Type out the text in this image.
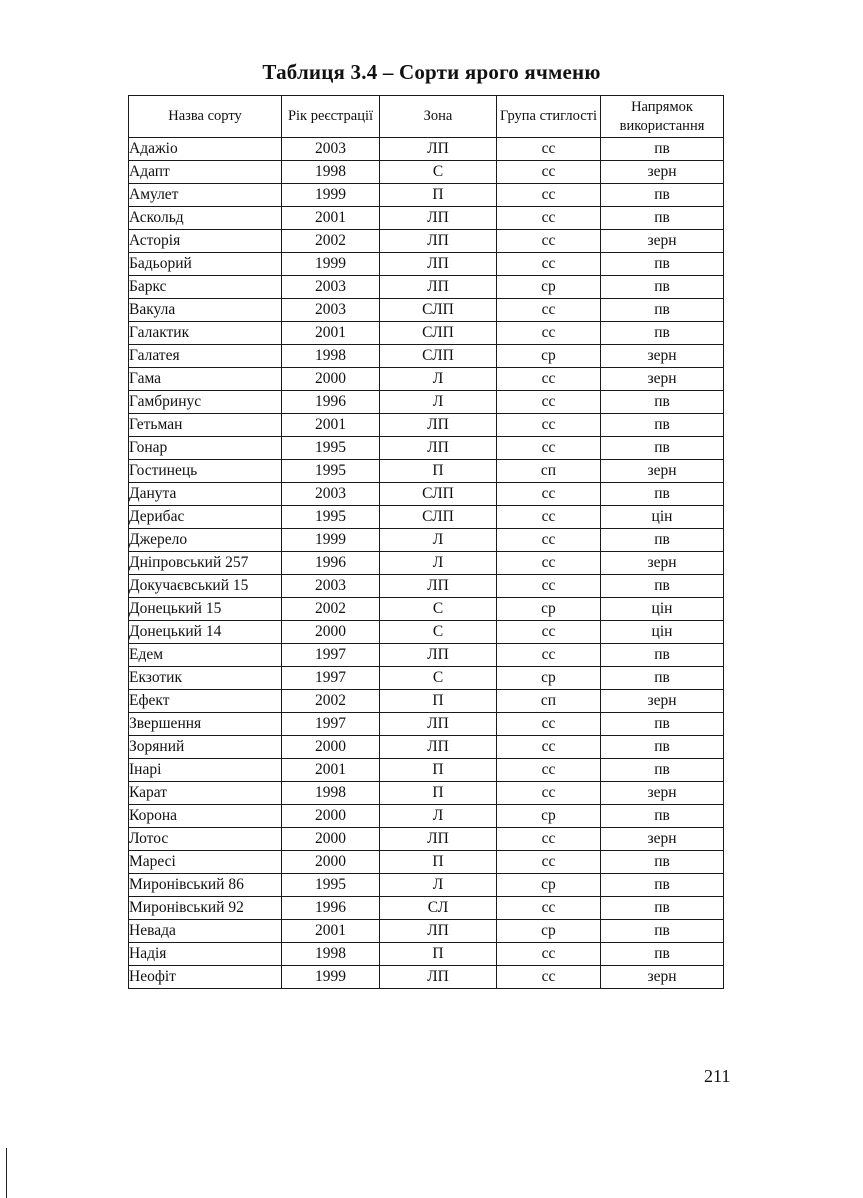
Таблиця 3.4 – Сорти ярого ячменю
Назва сорту	Рік реєстрації	Зона	Група стиглості	Напрямок використання
Адажіо	2003	ЛП	сс	пв
Адапт	1998	С	сс	зерн
Амулет	1999	П	сс	пв
Аскольд	2001	ЛП	сс	пв
Асторія	2002	ЛП	сс	зерн
Бадьорий	1999	ЛП	сс	пв
Баркс	2003	ЛП	ср	пв
Вакула	2003	СЛП	сс	пв
Галактик	2001	СЛП	сс	пв
Галатея	1998	СЛП	ср	зерн
Гама	2000	Л	сс	зерн
Гамбринус	1996	Л	сс	пв
Гетьман	2001	ЛП	сс	пв
Гонар	1995	ЛП	сс	пв
Гостинець	1995	П	сп	зерн
Данута	2003	СЛП	сс	пв
Дерибас	1995	СЛП	сс	цін
Джерело	1999	Л	сс	пв
Дніпровський 257	1996	Л	сс	зерн
Докучаєвський 15	2003	ЛП	сс	пв
Донецький 15	2002	С	ср	цін
Донецький 14	2000	С	сс	цін
Едем	1997	ЛП	сс	пв
Екзотик	1997	С	ср	пв
Ефект	2002	П	сп	зерн
Звершення	1997	ЛП	сс	пв
Зоряний	2000	ЛП	сс	пв
Інарі	2001	П	сс	пв
Карат	1998	П	сс	зерн
Корона	2000	Л	ср	пв
Лотос	2000	ЛП	сс	зерн
Маресі	2000	П	сс	пв
Миронівський 86	1995	Л	ср	пв
Миронівський 92	1996	СЛ	сс	пв
Невада	2001	ЛП	ср	пв
Надія	1998	П	сс	пв
Неофіт	1999	ЛП	сс	зерн
211
